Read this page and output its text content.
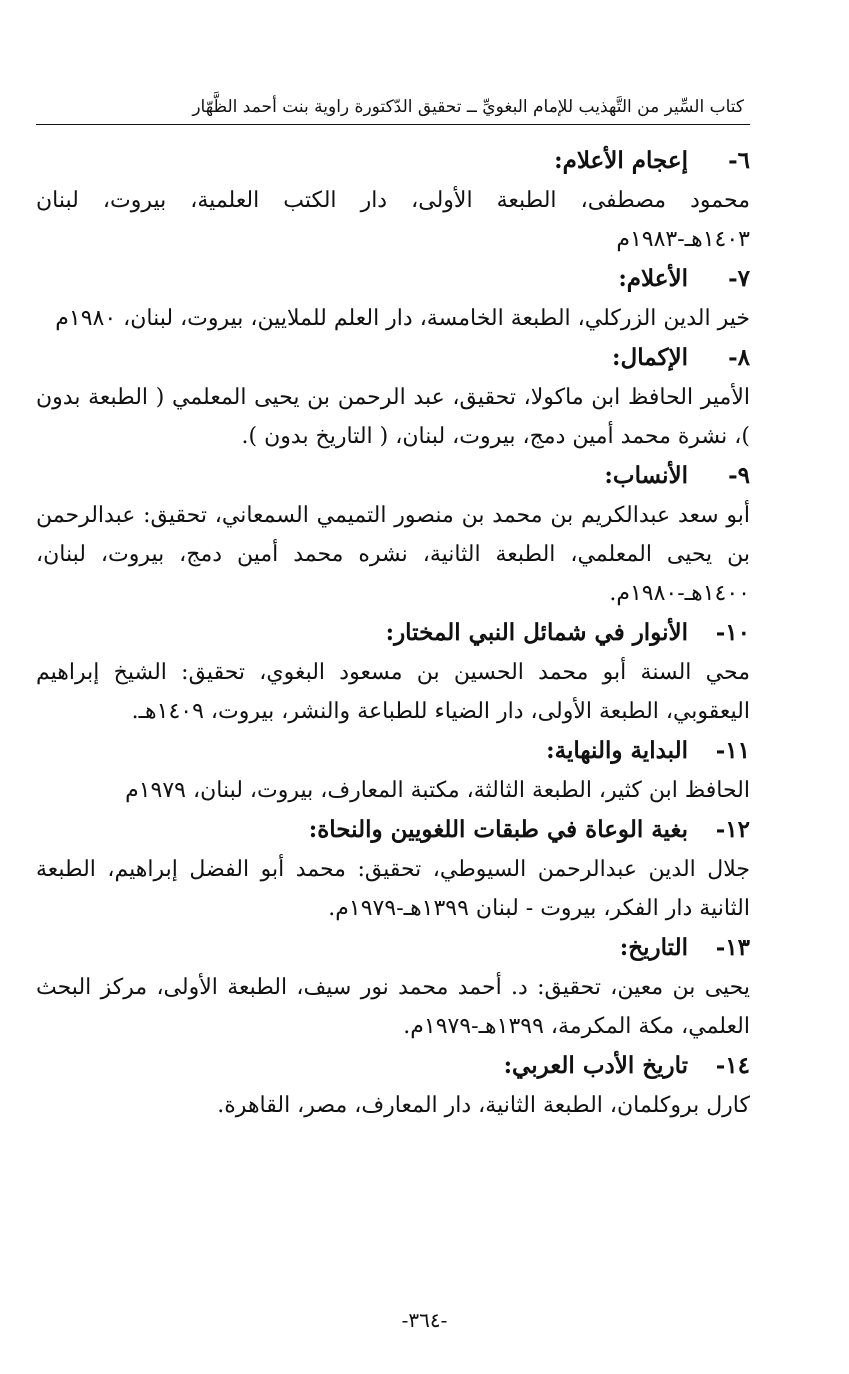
كتاب السِّير من التَّهذيب للإمام البغويِّ ــ تحقيق الدّكتورة راوية بنت أحمد الظَّهّار
٦-
إعجام الأعلام:
محمود مصطفى، الطبعة الأولى، دار الكتب العلمية، بيروت، لبنان ١٤٠٣هـ-١٩٨٣م
٧-
الأعلام:
خير الدين الزركلي، الطبعة الخامسة، دار العلم للملايين، بيروت، لبنان، ١٩٨٠م
٨-
الإكمال:
الأمير الحافظ ابن ماكولا، تحقيق، عبد الرحمن بن يحيى المعلمي ( الطبعة بدون )، نشرة محمد أمين دمج، بيروت، لبنان، ( التاريخ بدون ).
٩-
الأنساب:
أبو سعد عبدالكريم بن محمد بن منصور التميمي السمعاني، تحقيق: عبدالرحمن بن يحيى المعلمي، الطبعة الثانية، نشره محمد أمين دمج، بيروت، لبنان، ١٤٠٠هـ-١٩٨٠م.
١٠-
الأنوار في شمائل النبي المختار:
محي السنة أبو محمد الحسين بن مسعود البغوي، تحقيق: الشيخ إبراهيم اليعقوبي، الطبعة الأولى، دار الضياء للطباعة والنشر، بيروت، ١٤٠٩هـ.
١١-
البداية والنهاية:
الحافظ ابن كثير، الطبعة الثالثة، مكتبة المعارف، بيروت، لبنان، ١٩٧٩م
١٢-
بغية الوعاة في طبقات اللغويين والنحاة:
جلال الدين عبدالرحمن السيوطي، تحقيق: محمد أبو الفضل إبراهيم، الطبعة الثانية دار الفكر، بيروت - لبنان ١٣٩٩هـ-١٩٧٩م.
١٣-
التاريخ:
يحيى بن معين، تحقيق: د. أحمد محمد نور سيف، الطبعة الأولى، مركز البحث العلمي، مكة المكرمة، ١٣٩٩هـ-١٩٧٩م.
١٤-
تاريخ الأدب العربي:
كارل بروكلمان، الطبعة الثانية، دار المعارف، مصر، القاهرة.
-٣٦٤-
